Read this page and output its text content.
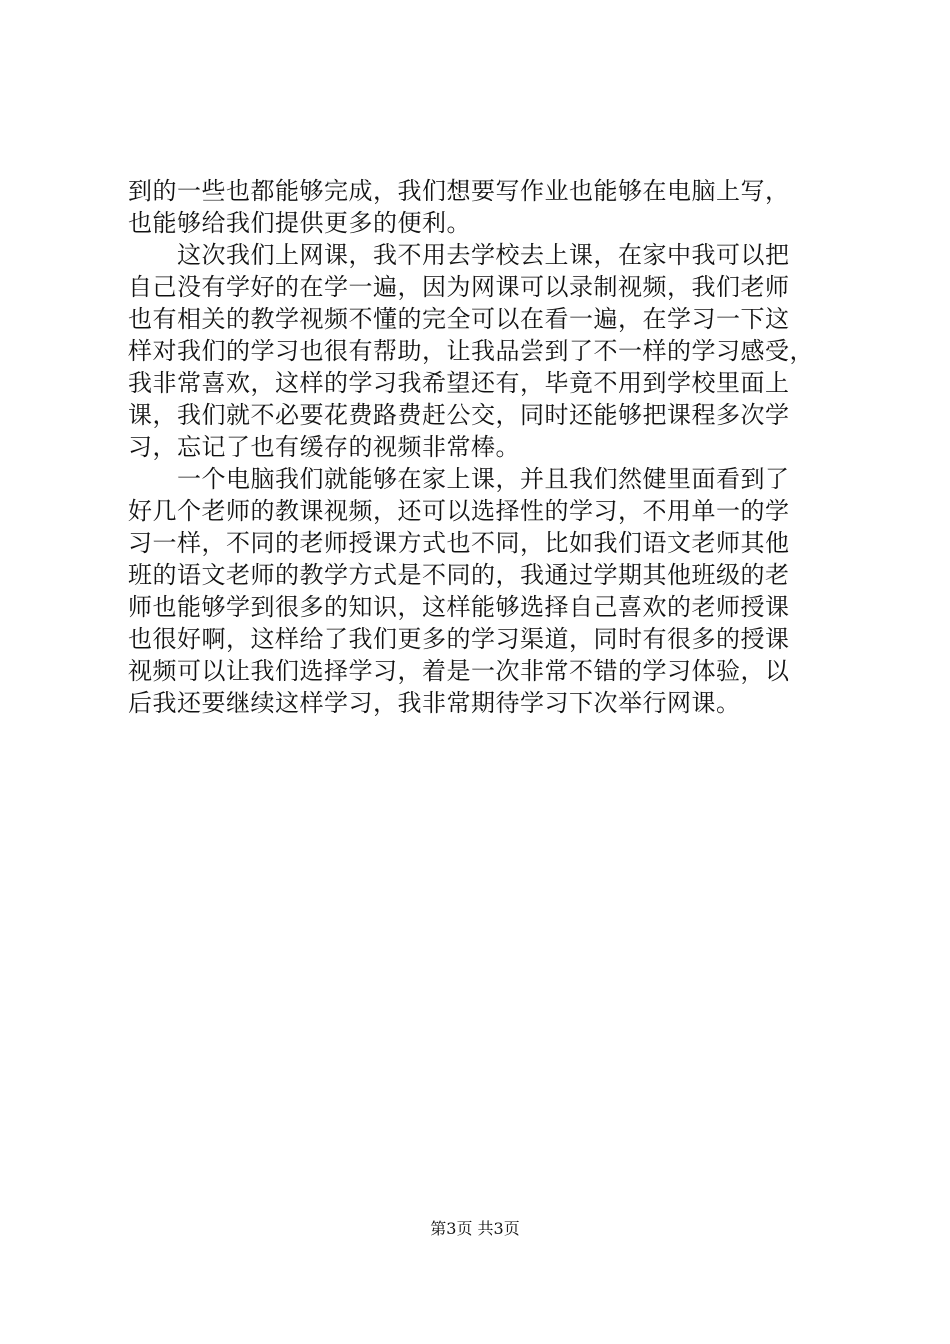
到的一些也都能够完成，我们想要写作业也能够在电脑上写，
也能够给我们提供更多的便利。
这次我们上网课，我不用去学校去上课，在家中我可以把
自己没有学好的在学一遍，因为网课可以录制视频，我们老师
也有相关的教学视频不懂的完全可以在看一遍，在学习一下这
样对我们的学习也很有帮助，让我品尝到了不一样的学习感受，
我非常喜欢，这样的学习我希望还有，毕竟不用到学校里面上
课，我们就不必要花费路费赶公交，同时还能够把课程多次学
习，忘记了也有缓存的视频非常棒。
一个电脑我们就能够在家上课，并且我们然健里面看到了
好几个老师的教课视频，还可以选择性的学习，不用单一的学
习一样，不同的老师授课方式也不同，比如我们语文老师其他
班的语文老师的教学方式是不同的，我通过学期其他班级的老
师也能够学到很多的知识，这样能够选择自己喜欢的老师授课
也很好啊，这样给了我们更多的学习渠道，同时有很多的授课
视频可以让我们选择学习，着是一次非常不错的学习体验，以
后我还要继续这样学习，我非常期待学习下次举行网课。
第3页 共3页
